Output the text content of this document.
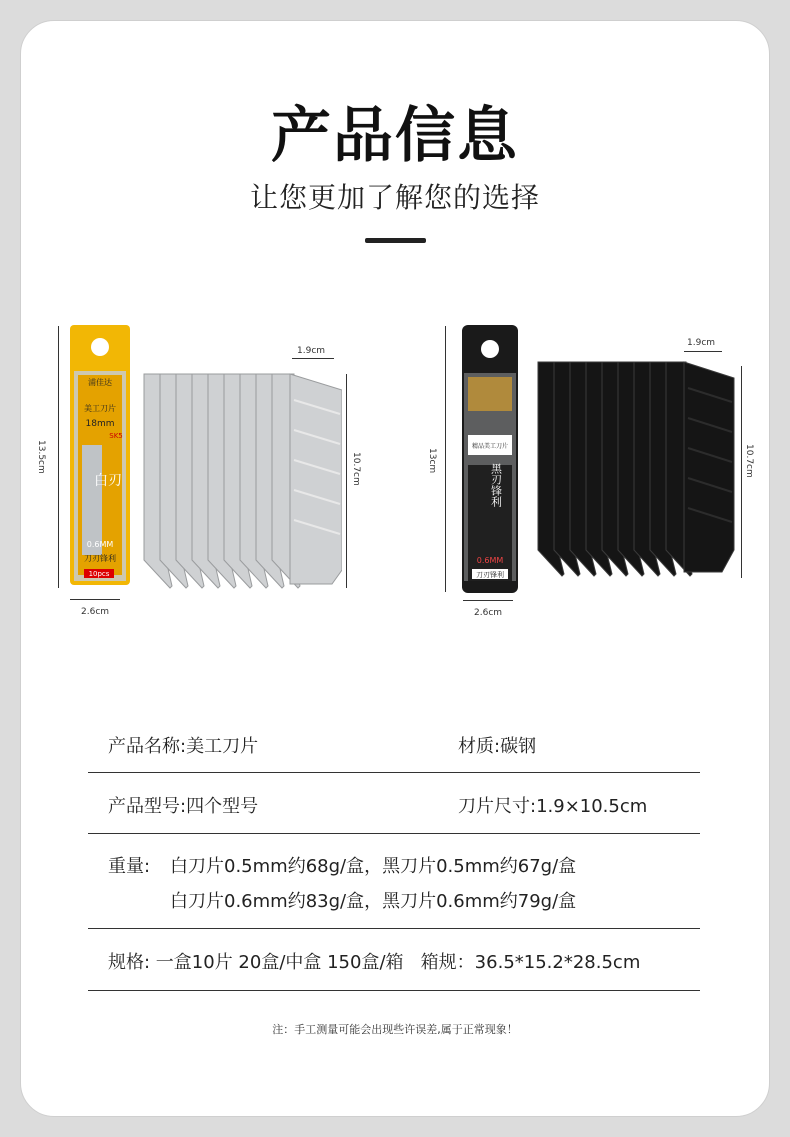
产品信息
让您更加了解您的选择
13.5cm
浦佳达
美工刀片
18mm
SK5
白刃
0.6MM
刀刃锋利
10pcs
2.6cm
1.9cm
10.7cm	13cm
精品美工刀片
黑刃锋利
0.6MM
刀刃锋利
2.6cm
1.9cm
10.7cm
产品名称:美工刀片	材质:碳钢
产品型号:四个型号	刀片尺寸:1.9×10.5cm
重量: 白刀片0.5mm约68g/盒，黑刀片0.5mm约67g/盒
白刀片0.6mm约83g/盒，黑刀片0.6mm约79g/盒
规格: 一盒10片 20盒/中盒 150盒/箱   箱规：36.5*15.2*28.5cm
注：手工测量可能会出现些许误差,属于正常现象！
